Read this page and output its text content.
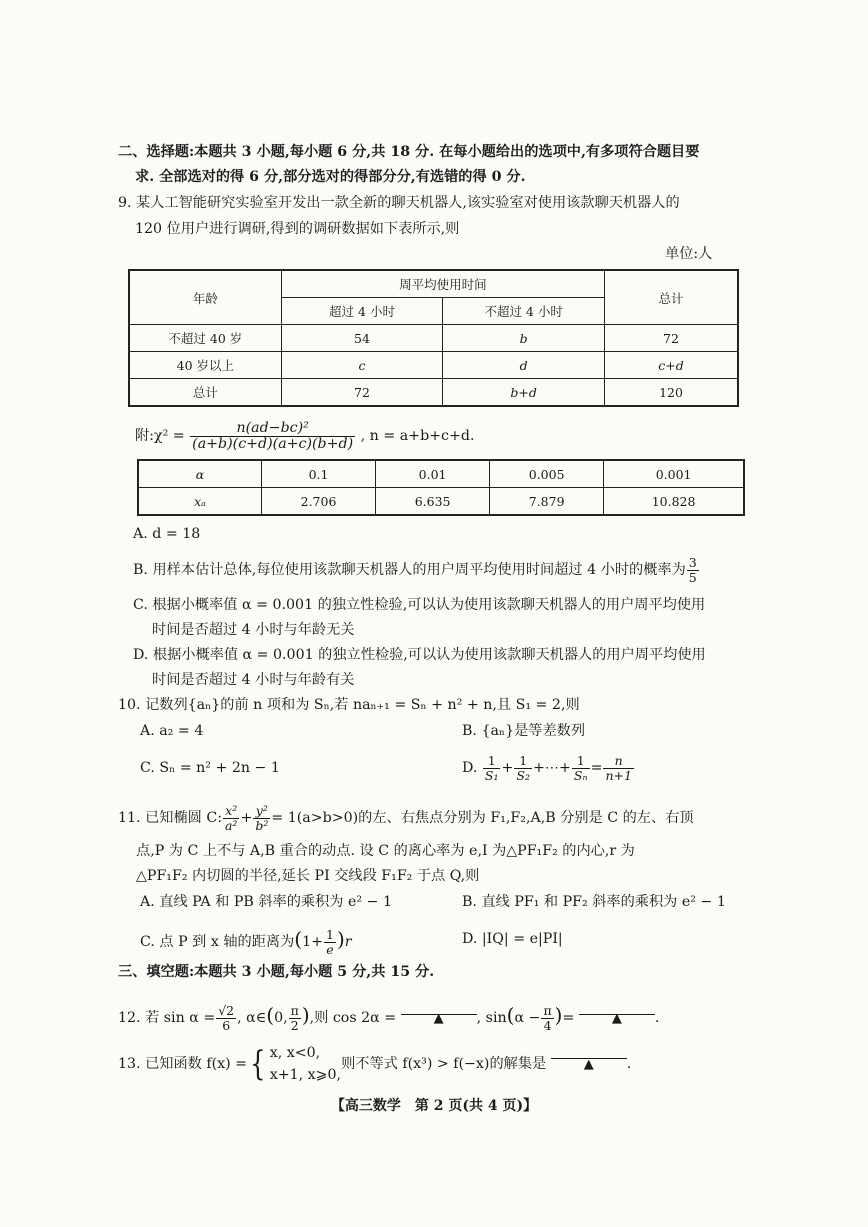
二、选择题:本题共 3 小题,每小题 6 分,共 18 分. 在每小题给出的选项中,有多项符合题目要
求. 全部选对的得 6 分,部分选对的得部分分,有选错的得 0 分.
9. 某人工智能研究实验室开发出一款全新的聊天机器人,该实验室对使用该款聊天机器人的
120 位用户进行调研,得到的调研数据如下表所示,则
单位:人
年龄	周平均使用时间		总计
	超过 4 小时	不超过 4 小时	
不超过 40 岁	54	b	72
40 岁以上	c	d	c+d
总计	72	b+d	120
附:χ² = $\frac{\text{n(ad−bc)²}}{(a+b)(c+d)(a+c)(b+d)}$ , n = a+b+c+d.
α	0.1	0.01	0.005	0.001
xₐ	2.706	6.635	7.879	10.828
A. d = 18
B. 用样本估计总体,每位使用该款聊天机器人的用户周平均使用时间超过 4 小时的概率为 $\frac{3}{5}$
C. 根据小概率值 α = 0.001 的独立性检验,可以认为使用该款聊天机器人的用户周平均使用
时间是否超过 4 小时与年龄无关
D. 根据小概率值 α = 0.001 的独立性检验,可以认为使用该款聊天机器人的用户周平均使用
时间是否超过 4 小时与年龄有关
10. 记数列{aₙ}的前 n 项和为 Sₙ,若 naₙ₊₁ = Sₙ + n² + n,且 S₁ = 2,则
A. a₂ = 4	B. {aₙ}是等差数列
C. Sₙ = n² + 2n − 1	D. $\frac{1}{\text{S₁}} + \frac{1}{\text{S₂}}$ +⋯+ $\frac{1}{\text{Sₙ}} = \frac{n}{n+1}$
11. 已知椭圆 C: $\frac{\text{x²}}{\text{a²}} + \frac{\text{y²}}{\text{b²}} = 1(a>b>0)$的左、右焦点分别为 F₁,F₂,A,B 分别是 C 的左、右顶
点,P 为 C 上不与 A,B 重合的动点. 设 C 的离心率为 e,I 为△PF₁F₂ 的内心,r 为
△PF₁F₂ 内切圆的半径,延长 PI 交线段 F₁F₂ 于点 Q,则
A. 直线 PA 和 PB 斜率的乘积为 e² − 1	B. 直线 PF₁ 和 PF₂ 斜率的乘积为 e² − 1
C. 点 P 到 x 轴的距离为$(1+ \frac{1}{e} )r$	D. |IQ| = e|PI|
三、填空题:本题共 3 小题,每小题 5 分,共 15 分.
12. 若 $\sin \alpha = \frac{√2}{6}$ , α∈(0, $\frac{\pi}{2}$ ),则 cos 2α =	▲ , $\sin(\alpha - \frac{\pi}{4}$ )=	▲ .
13. 已知函数 f(x) ={ x, x<0,
x+1, x⩾0,
则不等式 f(x³) > f(−x)的解集是	▲ .
【高三数学　第 2 页(共 4 页)】
